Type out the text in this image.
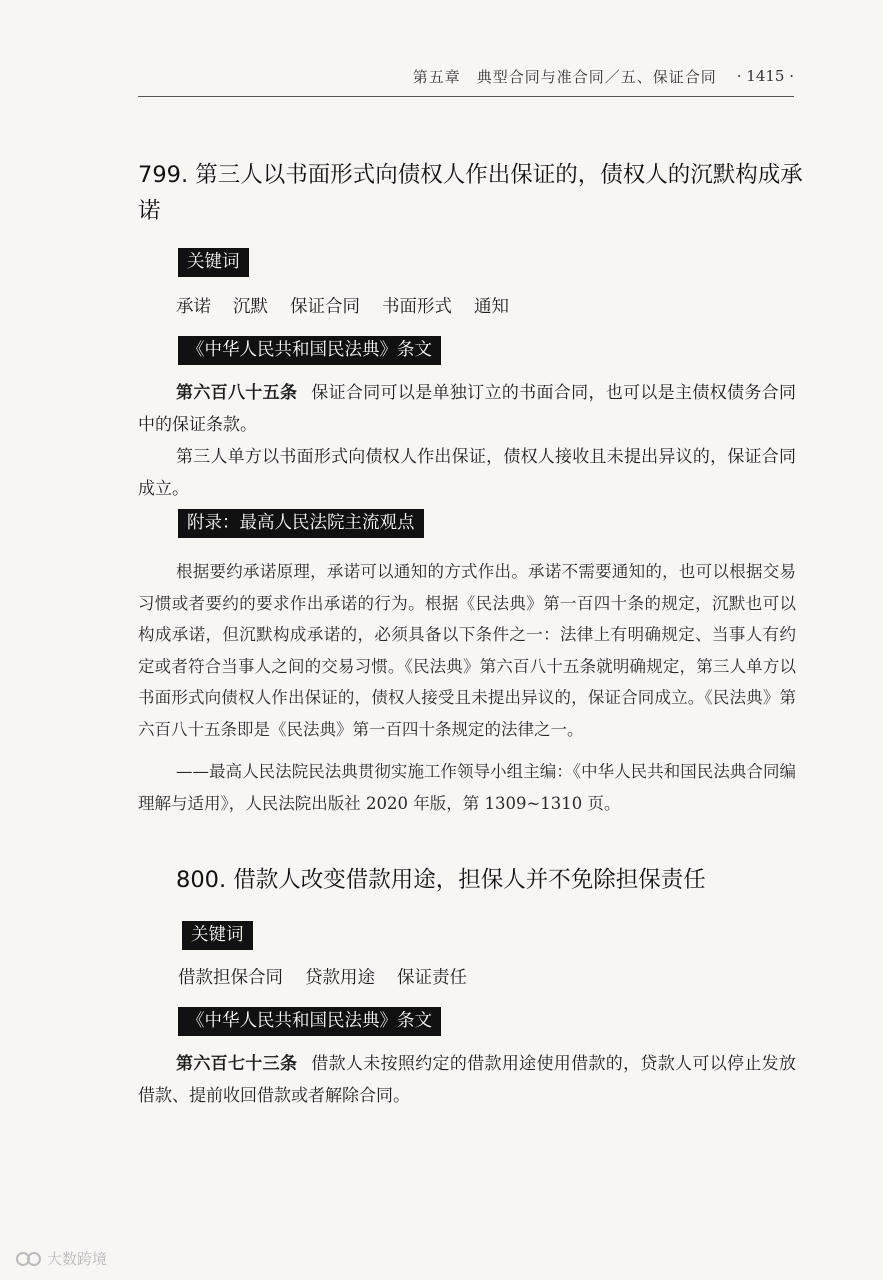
第五章　典型合同与准合同／五、保证合同 · 1415 ·
799. 第三人以书面形式向债权人作出保证的，债权人的沉默构成承诺
关键词
承诺 沉默 保证合同 书面形式 通知
《中华人民共和国民法典》条文

第六百八十五条 保证合同可以是单独订立的书面合同，也可以是主债权债务合同中的保证条款。

第三人单方以书面形式向债权人作出保证，债权人接收且未提出异议的，保证合同成立。

附录：最高人民法院主流观点

根据要约承诺原理，承诺可以通知的方式作出。承诺不需要通知的，也可以根据交易习惯或者要约的要求作出承诺的行为。根据《民法典》第一百四十条的规定，沉默也可以构成承诺，但沉默构成承诺的，必须具备以下条件之一：法律上有明确规定、当事人有约定或者符合当事人之间的交易习惯。《民法典》第六百八十五条就明确规定，第三人单方以书面形式向债权人作出保证的，债权人接受且未提出异议的，保证合同成立。《民法典》第六百八十五条即是《民法典》第一百四十条规定的法律之一。

——最高人民法院民法典贯彻实施工作领导小组主编：《中华人民共和国民法典合同编理解与适用》，人民法院出版社 2020 年版，第 1309~1310 页。

800. 借款人改变借款用途，担保人并不免除担保责任
关键词
借款担保合同 贷款用途 保证责任
《中华人民共和国民法典》条文

第六百七十三条 借款人未按照约定的借款用途使用借款的，贷款人可以停止发放借款、提前收回借款或者解除合同。

大数跨境
